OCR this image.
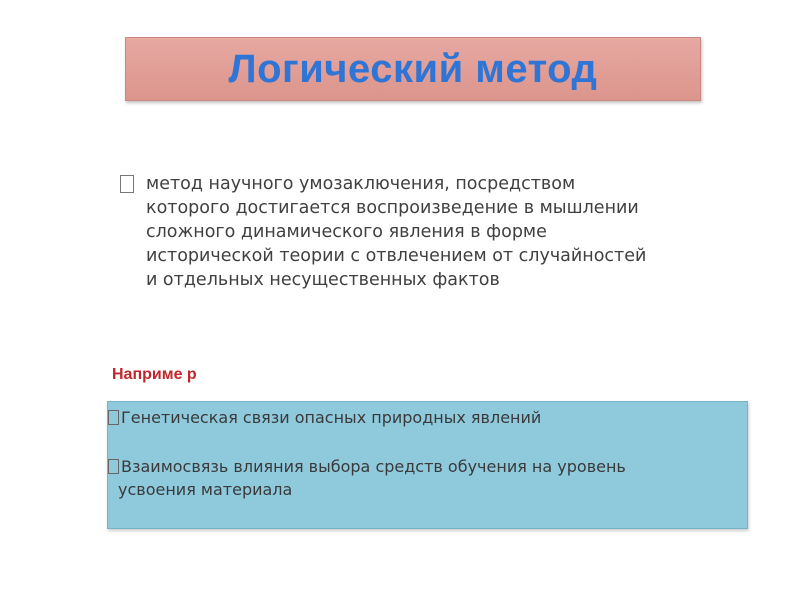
Логический метод
метод научного умозаключения, посредством
которого достигается воспроизведение в мышлении
сложного динамического явления в форме
исторической теории с отвлечением от случайностей
и отдельных несущественных фактов
Наприме р
Генетическая связи опасных природных явлений
Взаимосвязь влияния выбора средств обучения на уровень
усвоения материала
